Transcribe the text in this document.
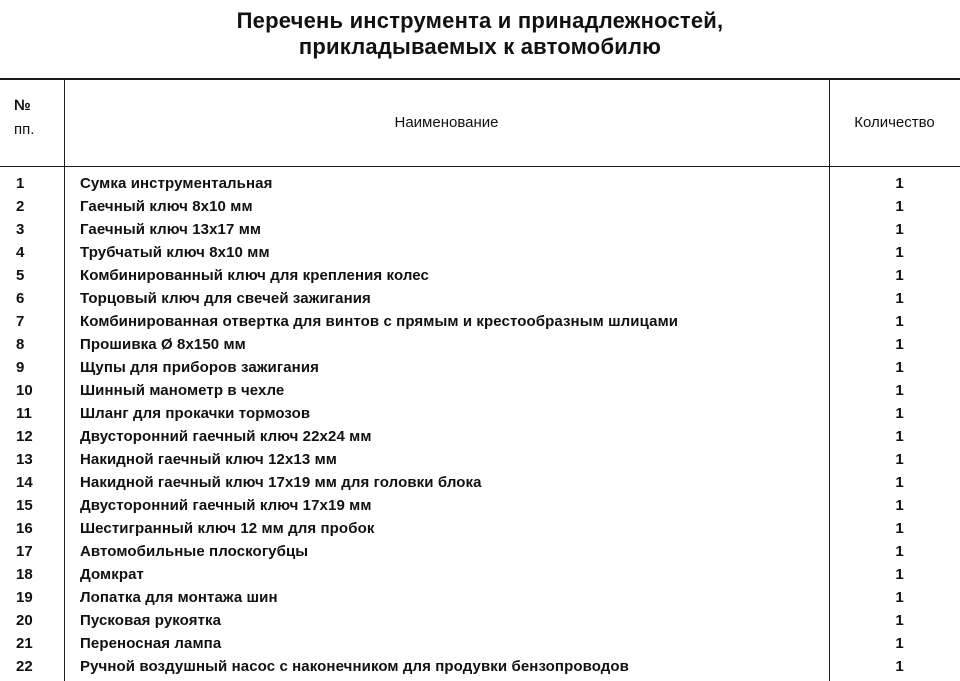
Перечень инструмента и принадлежностей,
прикладываемых к автомобилю
№
пп.	Наименование	Количество
1	Сумка инструментальная	1
2	Гаечный ключ 8x10 мм	1
3	Гаечный ключ 13x17 мм	1
4	Трубчатый ключ 8x10 мм	1
5	Комбинированный ключ для крепления колес	1
6	Торцовый ключ для свечей зажигания	1
7	Комбинированная отвертка для винтов с прямым и крестообразным шлицами	1
8	Прошивка Ø 8x150 мм	1
9	Щупы для приборов зажигания	1
10	Шинный манометр в чехле	1
11	Шланг для прокачки тормозов	1
12	Двусторонний гаечный ключ 22x24 мм	1
13	Накидной гаечный ключ 12x13 мм	1
14	Накидной гаечный ключ 17x19 мм для головки блока	1
15	Двусторонний гаечный ключ 17x19 мм	1
16	Шестигранный ключ 12 мм для пробок	1
17	Автомобильные плоскогубцы	1
18	Домкрат	1
19	Лопатка для монтажа шин	1
20	Пусковая рукоятка	1
21	Переносная лампа	1
22	Ручной воздушный насос с наконечником для продувки бензопроводов	1
